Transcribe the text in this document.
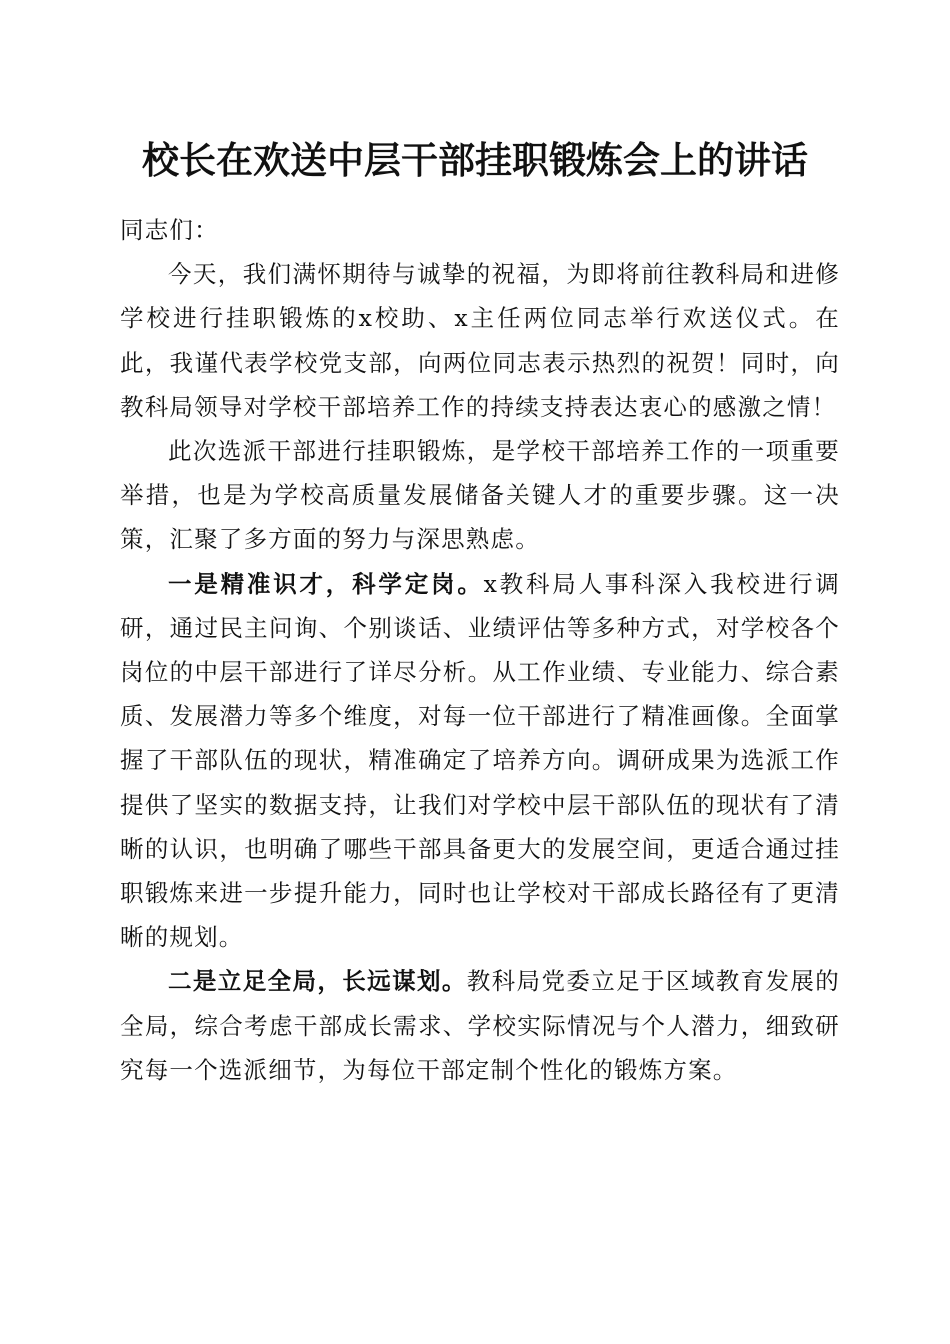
校长在欢送中层干部挂职锻炼会上的讲话

同志们：

今天，我们满怀期待与诚挚的祝福，为即将前往教科局和进修学校进行挂职锻炼的x校助、x主任两位同志举行欢送仪式。在此，我谨代表学校党支部，向两位同志表示热烈的祝贺！同时，向教科局领导对学校干部培养工作的持续支持表达衷心的感激之情！

此次选派干部进行挂职锻炼，是学校干部培养工作的一项重要举措，也是为学校高质量发展储备关键人才的重要步骤。这一决策，汇聚了多方面的努力与深思熟虑。

一是精准识才，科学定岗。x教科局人事科深入我校进行调研，通过民主问询、个别谈话、业绩评估等多种方式，对学校各个岗位的中层干部进行了详尽分析。从工作业绩、专业能力、综合素质、发展潜力等多个维度，对每一位干部进行了精准画像。全面掌握了干部队伍的现状，精准确定了培养方向。调研成果为选派工作提供了坚实的数据支持，让我们对学校中层干部队伍的现状有了清晰的认识，也明确了哪些干部具备更大的发展空间，更适合通过挂职锻炼来进一步提升能力，同时也让学校对干部成长路径有了更清晰的规划。

二是立足全局，长远谋划。教科局党委立足于区域教育发展的全局，综合考虑干部成长需求、学校实际情况与个人潜力，细致研究每一个选派细节，为每位干部定制个性化的锻炼方案。
